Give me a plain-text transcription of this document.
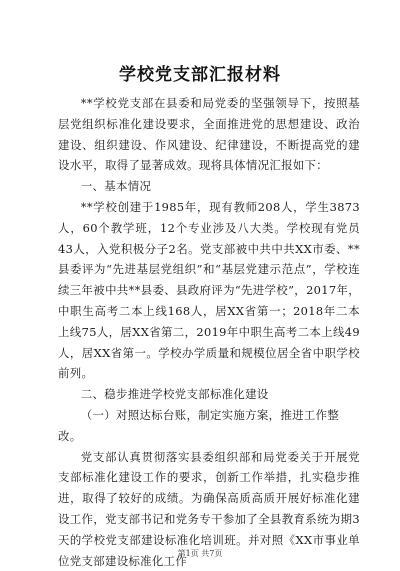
学校党支部汇报材料

**学校党支部在县委和局党委的坚强领导下，按照基层党组织标准化建设要求，全面推进党的思想建设、政治建设、组织建设、作风建设、纪律建设，不断提高党的建设水平，取得了显著成效。现将具体情况汇报如下：

一、基本情况

**学校创建于1985年，现有教师208人，学生3873人，60个教学班，12个专业涉及八大类。学校现有党员43人，入党积极分子2名。党支部被中共中共XX市委、**县委评为“先进基层党组织”和“基层党建示范点”，学校连续三年被中共**县委、县政府评为“先进学校”，2017年，中职生高考二本上线168人，居XX省第一；2018年二本上线75人，居XX省第二，2019年中职生高考二本上线49人，居XX省第一。学校办学质量和规模位居全省中职学校前列。

二、稳步推进学校党支部标准化建设

（一）对照达标台账，制定实施方案，推进工作整改。

党支部认真贯彻落实县委组织部和局党委关于开展党支部标准化建设工作的要求，创新工作举措，扎实稳步推进，取得了较好的成绩。为确保高质高质开展好标准化建设工作，党支部书记和党务专干参加了全县教育系统为期3天的学校党支部建设标准化培训班。并对照《XX市事业单位党支部建设标准化工作

第1页 共7页
